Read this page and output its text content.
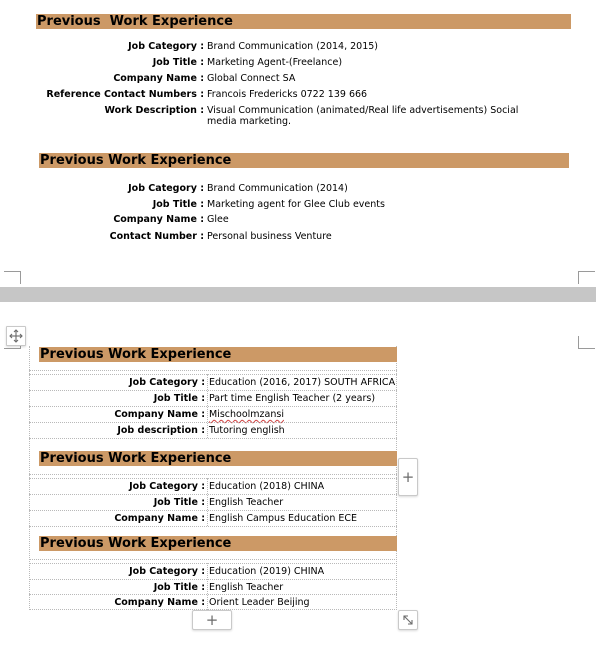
Previous  Work Experience
Job Category : Brand Communication (2014, 2015)
Job Title : Marketing Agent-(Freelance)
Company Name : Global Connect SA
Reference Contact Numbers : Francois Fredericks 0722 139 666
Work Description : Visual Communication (animated/Real life advertisements) Social media marketing.
Previous Work Experience
Job Category : Brand Communication (2014)
Job Title : Marketing agent for Glee Club events
Company Name : Glee
Contact Number : Personal business Venture
Previous Work Experience
Job Category : Education (2016, 2017) SOUTH AFRICA
Job Title : Part time English Teacher (2 years)
Company Name : Mischoolmzansi
Job description : Tutoring english
Previous Work Experience
Job Category : Education (2018) CHINA
Job Title : English Teacher
Company Name : English Campus Education ECE
Previous Work Experience
Job Category : Education (2019) CHINA
Job Title : English Teacher
Company Name : Orient Leader Beijing
+
+
